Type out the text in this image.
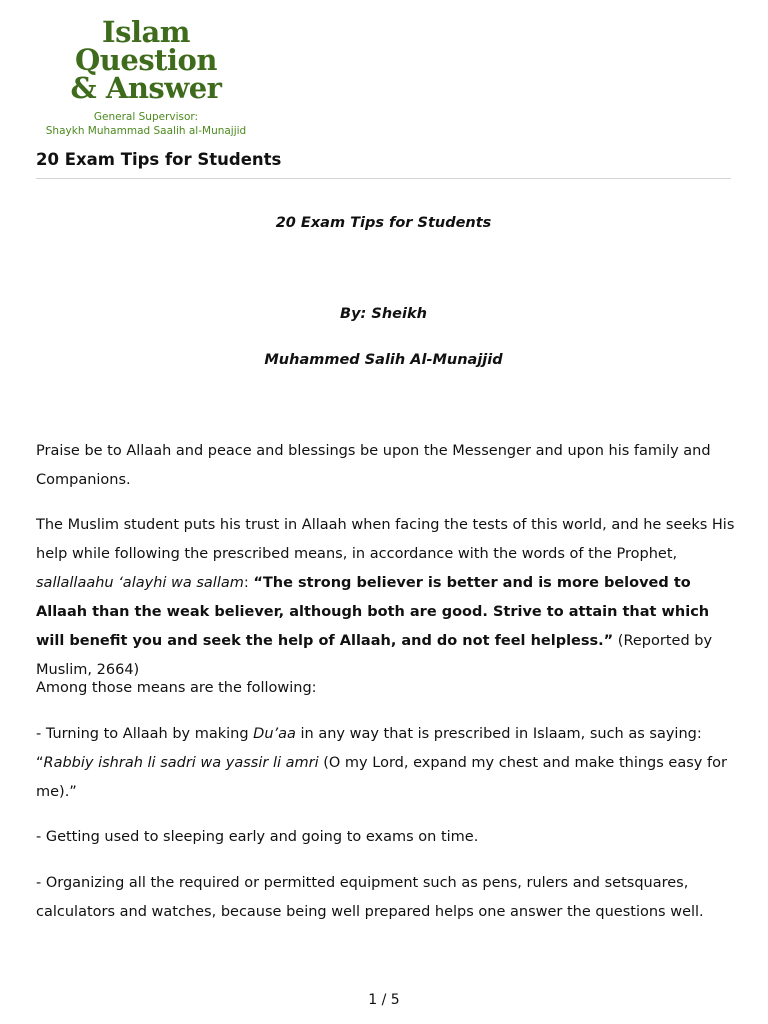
Islam Question
& Answer
General Supervisor:
Shaykh Muhammad Saalih al-Munajjid
20 Exam Tips for Students
20 Exam Tips for Students
By: Sheikh
Muhammed Salih Al-Munajjid
Praise be to Allaah and peace and blessings be upon the Messenger and upon his family and Companions.
The Muslim student puts his trust in Allaah when facing the tests of this world, and he seeks His help while following the prescribed means, in accordance with the words of the Prophet, sallallaahu ‘alayhi wa sallam: “The strong believer is better and is more beloved to Allaah than the weak believer, although both are good. Strive to attain that which will benefit you and seek the help of Allaah, and do not feel helpless.” (Reported by Muslim, 2664)
Among those means are the following:
- Turning to Allaah by making Du’aa in any way that is prescribed in Islaam, such as saying: “Rabbiy ishrah li sadri wa yassir li amri (O my Lord, expand my chest and make things easy for me).”
- Getting used to sleeping early and going to exams on time.
- Organizing all the required or permitted equipment such as pens, rulers and setsquares, calculators and watches, because being well prepared helps one answer the questions well.
1 / 5
